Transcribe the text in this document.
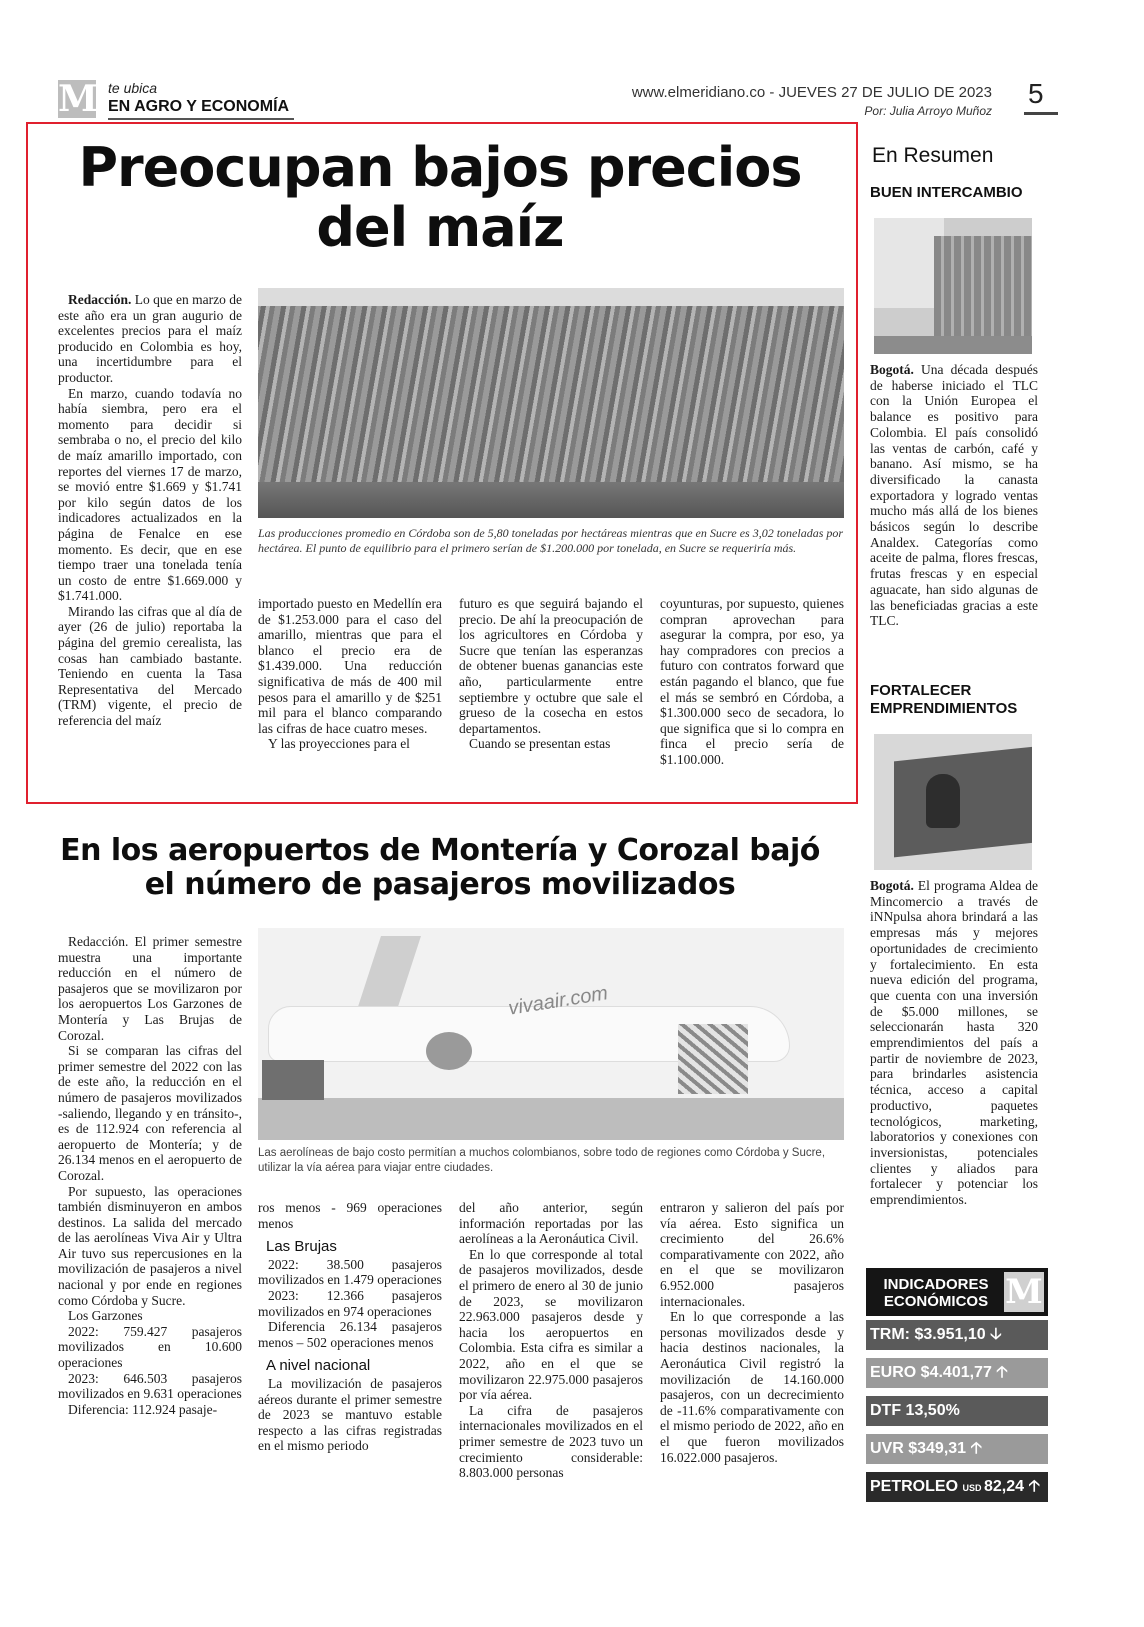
M te ubica
EN AGRO Y ECONOMÍA
www.elmeridiano.co - JUEVES 27 DE JULIO DE 2023
Por: Julia Arroyo Muñoz
5
Preocupan bajos precios del maíz

Redacción. Lo que en marzo de este año era un gran augurio de excelentes precios para el maíz producido en Colombia es hoy, una incertidumbre para el productor.

En marzo, cuando todavía no había siembra, pero era el momento para decidir si sembraba o no, el precio del kilo de maíz amarillo importado, con reportes del viernes 17 de marzo, se movió entre $1.669 y $1.741 por kilo según datos de los indicadores actualizados en la página de Fenalce en ese momento. Es decir, que en ese tiempo traer una tonelada tenía un costo de entre $1.669.000 y $1.741.000.

Mirando las cifras que al día de ayer (26 de julio) reportaba la página del gremio cerealista, las cosas han cambiado bastante. Teniendo en cuenta la Tasa Representativa del Mercado (TRM) vigente, el precio de referencia del maíz

Las producciones promedio en Córdoba son de 5,80 toneladas por hectáreas mientras que en Sucre es 3,02 toneladas por hectárea. El punto de equilibrio para el primero serían de $1.200.000 por tonelada, en Sucre se requeriría más.

importado puesto en Medellín era de $1.253.000 para el caso del amarillo, mientras que para el blanco el precio era de $1.439.000. Una reducción significativa de más de 400 mil pesos para el amarillo y de $251 mil para el blanco comparando las cifras de hace cuatro meses.

Y las proyecciones para el

futuro es que seguirá bajando el precio. De ahí la preocupación de los agricultores en Córdoba y Sucre que tenían las esperanzas de obtener buenas ganancias este año, particularmente entre septiembre y octubre que sale el grueso de la cosecha en estos departamentos.

Cuando se presentan estas

coyunturas, por supuesto, quienes compran aprovechan para asegurar la compra, por eso, ya hay compradores con precios a futuro con contratos forward que están pagando el blanco, que fue el más se sembró en Córdoba, a $1.300.000 seco de secadora, lo que significa que si lo compra en finca el precio sería de $1.100.000.

En los aeropuertos de Montería y Corozal bajó el número de pasajeros movilizados

Redacción. El primer semestre muestra una importante reducción en el número de pasajeros que se movilizaron por los aeropuertos Los Garzones de Montería y Las Brujas de Corozal.

Si se comparan las cifras del primer semestre del 2022 con las de este año, la reducción en el número de pasajeros movilizados -saliendo, llegando y en tránsito-, es de 112.924 con referencia al aeropuerto de Montería; y de 26.134 menos en el aeropuerto de Corozal.

Por supuesto, las operaciones también disminuyeron en ambos destinos. La salida del mercado de las aerolíneas Viva Air y Ultra Air tuvo sus repercusiones en la movilización de pasajeros a nivel nacional y por ende en regiones como Córdoba y Sucre.

Los Garzones

2022: 759.427 pasajeros movilizados en 10.600 operaciones

2023: 646.503 pasajeros movilizados en 9.631 operaciones

Diferencia: 112.924 pasaje-

vivaair.com
Las aerolíneas de bajo costo permitían a muchos colombianos, sobre todo de regiones como Córdoba y Sucre, utilizar la vía aérea para viajar entre ciudades.

ros menos - 969 operaciones menos

Las Brujas

2022: 38.500 pasajeros movilizados en 1.479 operaciones

2023: 12.366 pasajeros movilizados en 974 operaciones

Diferencia 26.134 pasajeros menos – 502 operaciones menos

A nivel nacional

La movilización de pasajeros aéreos durante el primer semestre de 2023 se mantuvo estable respecto a las cifras registradas en el mismo periodo

del año anterior, según información reportadas por las aerolíneas a la Aeronáutica Civil.

En lo que corresponde al total de pasajeros movilizados, desde el primero de enero al 30 de junio de 2023, se movilizaron 22.963.000 pasajeros desde y hacia los aeropuertos en Colombia. Esta cifra es similar a 2022, año en el que se movilizaron 22.975.000 pasajeros por vía aérea.

La cifra de pasajeros internacionales movilizados en el primer semestre de 2023 tuvo un crecimiento considerable: 8.803.000 personas

entraron y salieron del país por vía aérea. Esto significa un crecimiento del 26.6% comparativamente con 2022, año en el que se movilizaron 6.952.000 pasajeros internacionales.

En lo que corresponde a las personas movilizados desde y hacia destinos nacionales, la Aeronáutica Civil registró la movilización de 14.160.000 pasajeros, con un decrecimiento de -11.6% comparativamente con el mismo periodo de 2022, año en el que fueron movilizados 16.022.000 pasajeros.

En Resumen
BUEN INTERCAMBIO
Bogotá. Una década después de haberse iniciado el TLC con la Unión Europea el balance es positivo para Colombia. El país consolidó las ventas de carbón, café y banano. Así mismo, se ha diversificado la canasta exportadora y logrado ventas mucho más allá de los bienes básicos según lo describe Analdex. Categorías como aceite de palma, flores frescas, frutas frescas y en especial aguacate, han sido algunas de las beneficiadas gracias a este TLC.
FORTALECER EMPRENDIMIENTOS
Bogotá. El programa Aldea de Mincomercio a través de iNNpulsa ahora brindará a las empresas más y mejores oportunidades de crecimiento y fortalecimiento. En esta nueva edición del programa, que cuenta con una inversión de $5.000 millones, se seleccionarán hasta 320 emprendimientos del país a partir de noviembre de 2023, para brindarles asistencia técnica, acceso a capital productivo, paquetes tecnológicos, marketing, laboratorios y conexiones con inversionistas, potenciales clientes y aliados para fortalecer y potenciar los emprendimientos.
INDICADORES ECONÓMICOS M
TRM: $3.951,10 🡣
EURO $4.401,77 🡡
DTF 13,50%
UVR $349,31 🡡
PETROLEO USD 82,24 🡡
